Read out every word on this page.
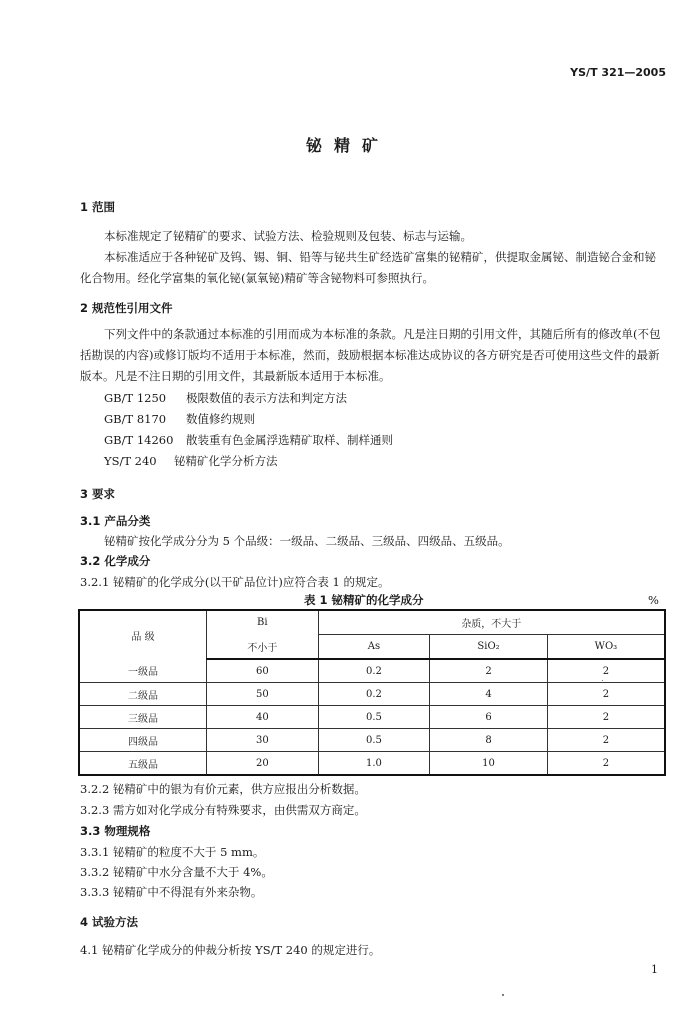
YS/T 321—2005
铋精矿
1 范围
本标准规定了铋精矿的要求、试验方法、检验规则及包装、标志与运输。
本标准适应于各种铋矿及钨、锡、铜、铅等与铋共生矿经选矿富集的铋精矿，供提取金属铋、制造铋合金和铋化合物用。经化学富集的氧化铋(氯氧铋)精矿等含铋物料可参照执行。
2 规范性引用文件
下列文件中的条款通过本标准的引用而成为本标准的条款。凡是注日期的引用文件，其随后所有的修改单(不包括勘误的内容)或修订版均不适用于本标准，然而，鼓励根据本标准达成协议的各方研究是否可使用这些文件的最新版本。凡是不注日期的引用文件，其最新版本适用于本标准。
GB/T 1250 极限数值的表示方法和判定方法
GB/T 8170 数值修约规则
GB/T 14260 散装重有色金属浮选精矿取样、制样通则
YS/T 240 铋精矿化学分析方法
3 要求
3.1 产品分类
铋精矿按化学成分分为 5 个品级：一级品、二级品、三级品、四级品、五级品。
3.2 化学成分
3.2.1 铋精矿的化学成分(以干矿品位计)应符合表 1 的规定。
表 1 铋精矿的化学成分	%
品 级	Bi	杂质，不大于		
	不小于	As	SiO₂	WO₃
一级品	60	0.2	2	2
二级品	50	0.2	4	2
三级品	40	0.5	6	2
四级品	30	0.5	8	2
五级品	20	1.0	10	2
3.2.2 铋精矿中的银为有价元素，供方应报出分析数据。
3.2.3 需方如对化学成分有特殊要求，由供需双方商定。
3.3 物理规格
3.3.1 铋精矿的粒度不大于 5 mm。
3.3.2 铋精矿中水分含量不大于 4%。
3.3.3 铋精矿中不得混有外来杂物。
4 试验方法
4.1 铋精矿化学成分的仲裁分析按 YS/T 240 的规定进行。
1
